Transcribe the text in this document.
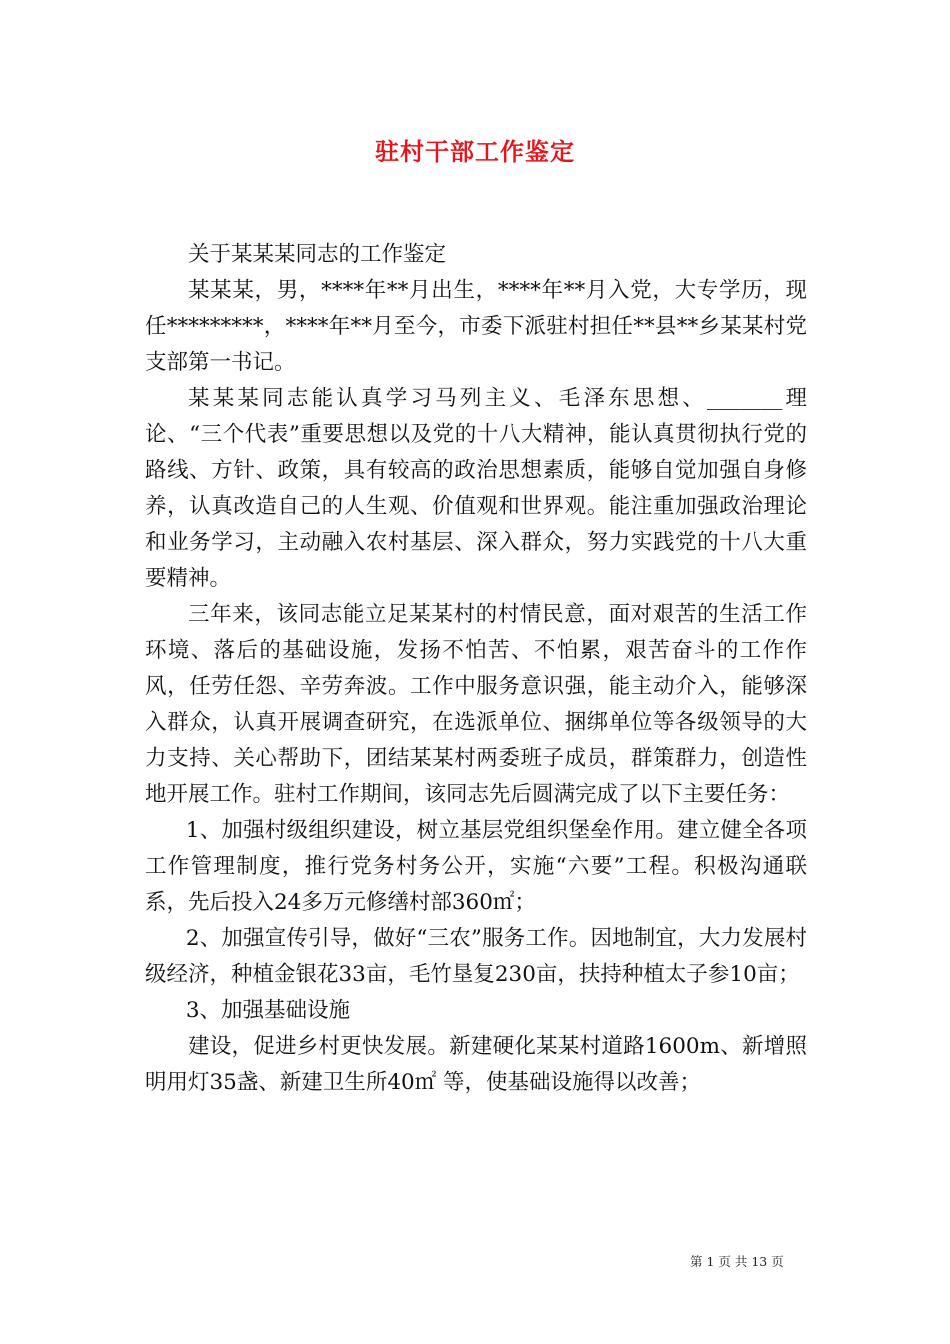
驻村干部工作鉴定

关于某某某同志的工作鉴定

某某某，男，****年**月出生，****年**月入党，大专学历，现任*********，****年**月至今，市委下派驻村担任**县**乡某某村党支部第一书记。

某某某同志能认真学习马列主义、毛泽东思想、_______理论、“三个代表”重要思想以及党的十八大精神，能认真贯彻执行党的路线、方针、政策，具有较高的政治思想素质，能够自觉加强自身修养，认真改造自己的人生观、价值观和世界观。能注重加强政治理论和业务学习，主动融入农村基层、深入群众，努力实践党的十八大重要精神。

三年来，该同志能立足某某村的村情民意，面对艰苦的生活工作环境、落后的基础设施，发扬不怕苦、不怕累，艰苦奋斗的工作作风，任劳任怨、辛劳奔波。工作中服务意识强，能主动介入，能够深入群众，认真开展调查研究，在选派单位、捆绑单位等各级领导的大力支持、关心帮助下，团结某某村两委班子成员，群策群力，创造性地开展工作。驻村工作期间，该同志先后圆满完成了以下主要任务：

1、加强村级组织建设，树立基层党组织堡垒作用。建立健全各项工作管理制度，推行党务村务公开，实施“六要”工程。积极沟通联系，先后投入24多万元修缮村部360㎡；

2、加强宣传引导，做好“三农”服务工作。因地制宜，大力发展村级经济，种植金银花33亩，毛竹垦复230亩，扶持种植太子参10亩；

3、加强基础设施

建设，促进乡村更快发展。新建硬化某某村道路1600m、新增照明用灯35盏、新建卫生所40㎡ 等，使基础设施得以改善；

第 1 页 共 13 页
